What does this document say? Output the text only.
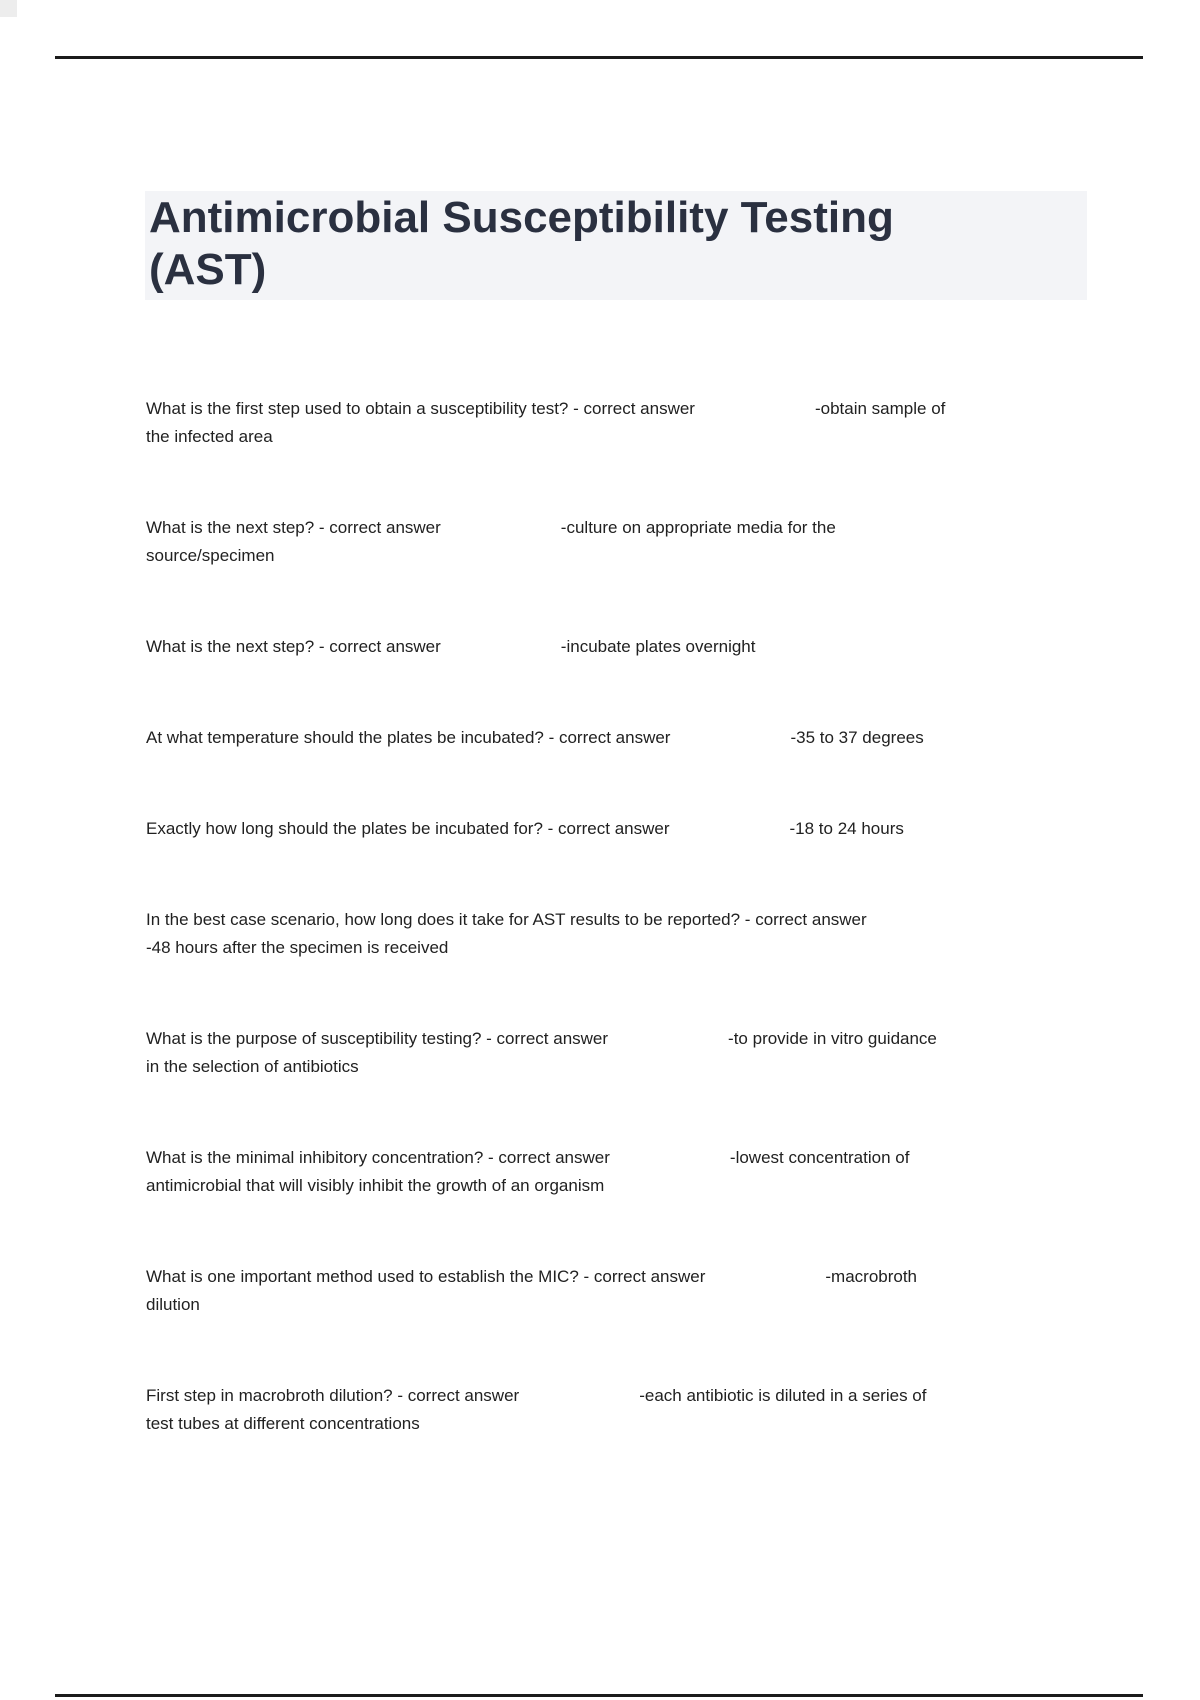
Antimicrobial Susceptibility Testing
(AST)
What is the first step used to obtain a susceptibility test? - correct answer	-obtain sample of
the infected area
What is the next step? - correct answer	-culture on appropriate media for the
source/specimen
What is the next step? - correct answer	-incubate plates overnight
At what temperature should the plates be incubated? - correct answer	-35 to 37 degrees
Exactly how long should the plates be incubated for? - correct answer	-18 to 24 hours
In the best case scenario, how long does it take for AST results to be reported? - correct answer
-48 hours after the specimen is received
What is the purpose of susceptibility testing? - correct answer	-to provide in vitro guidance
in the selection of antibiotics
What is the minimal inhibitory concentration? - correct answer	-lowest concentration of
antimicrobial that will visibly inhibit the growth of an organism
What is one important method used to establish the MIC? - correct answer	-macrobroth
dilution
First step in macrobroth dilution? - correct answer	-each antibiotic is diluted in a series of
test tubes at different concentrations
